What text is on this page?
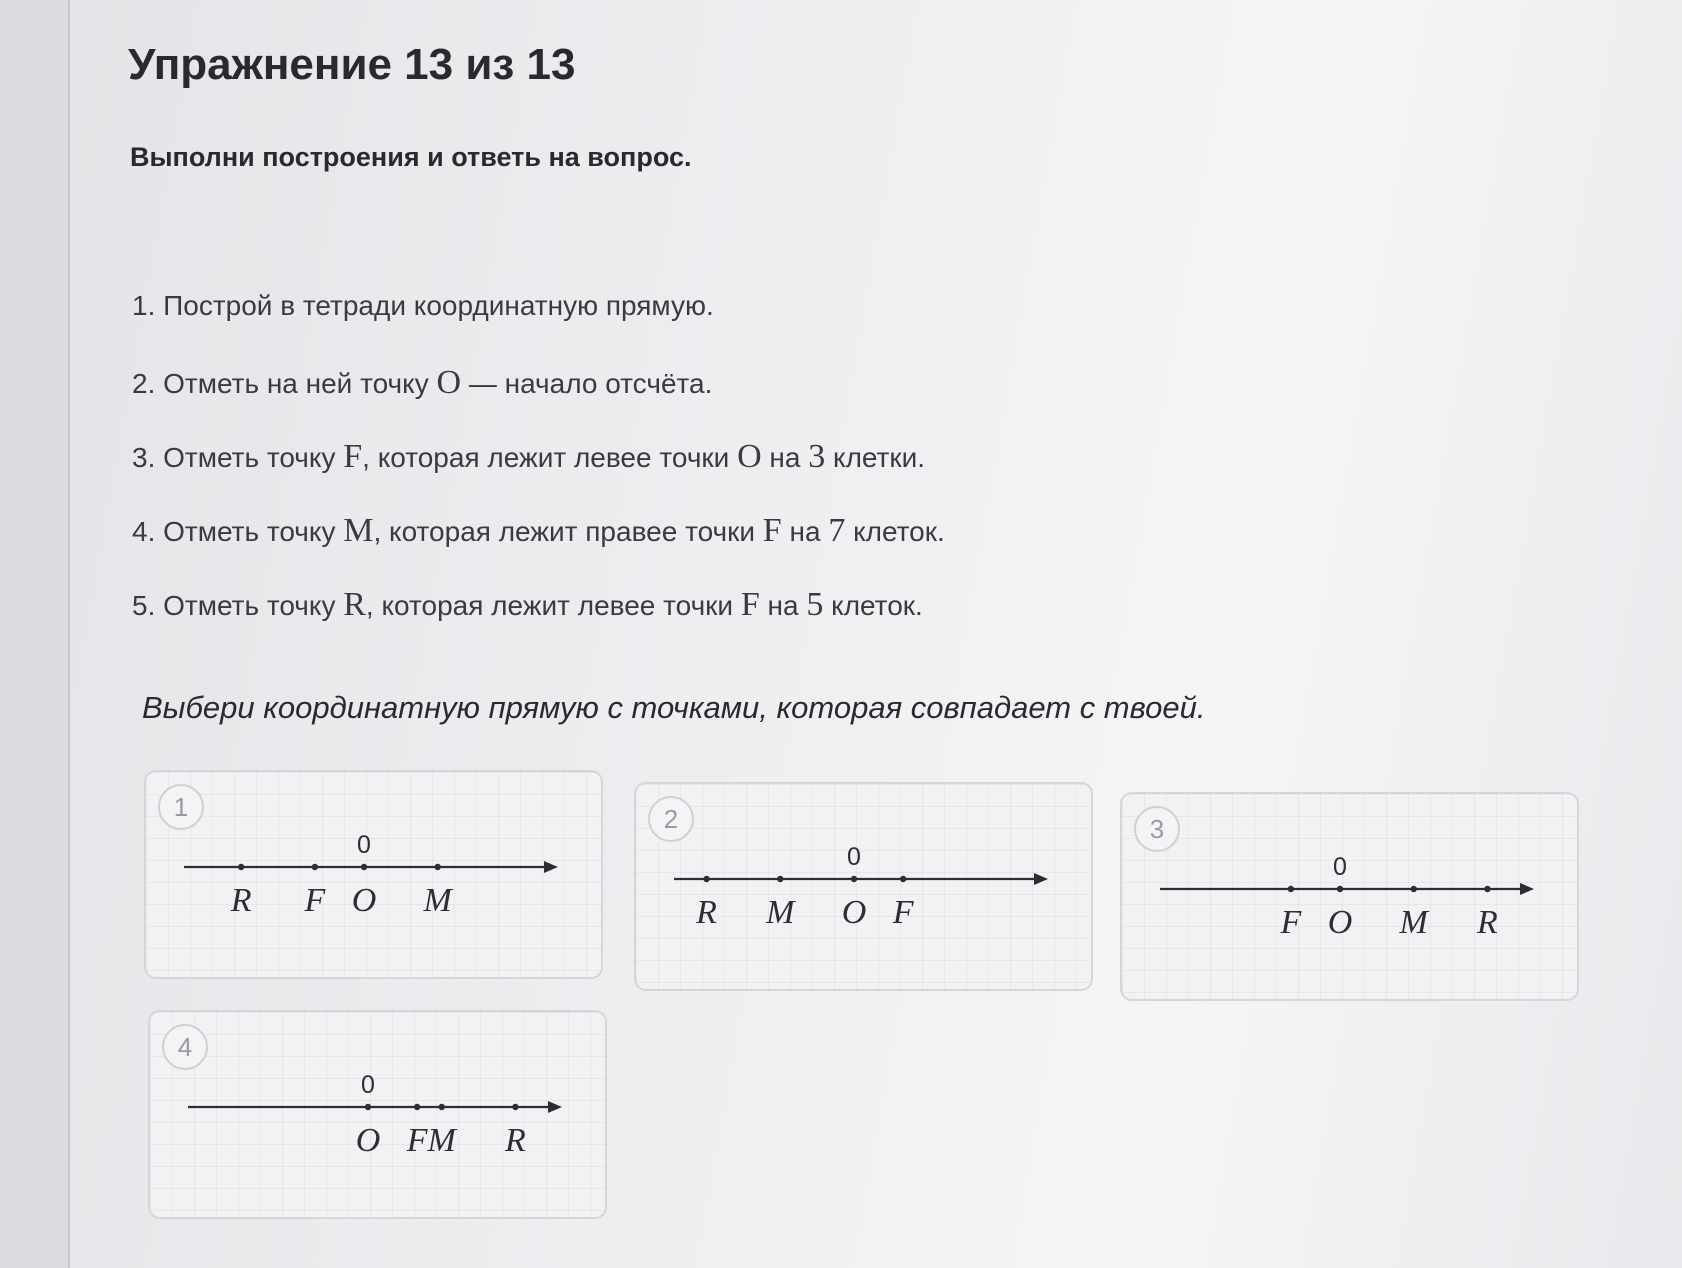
Упражнение 13 из 13

Выполни построения и ответь на вопрос.

1. Построй в тетради координатную прямую.
2. Отметь на ней точку O — начало отсчёта.
3. Отметь точку F, которая лежит левее точки O на 3 клетки.
4. Отметь точку M, которая лежит правее точки F на 7 клеток.
5. Отметь точку R, которая лежит левее точки F на 5 клеток.

Выбери координатную прямую с точками, которая совпадает с твоей.

1
0
R F O M
2
0
R M O F
3
0
F O M R
4
0
O F M R
